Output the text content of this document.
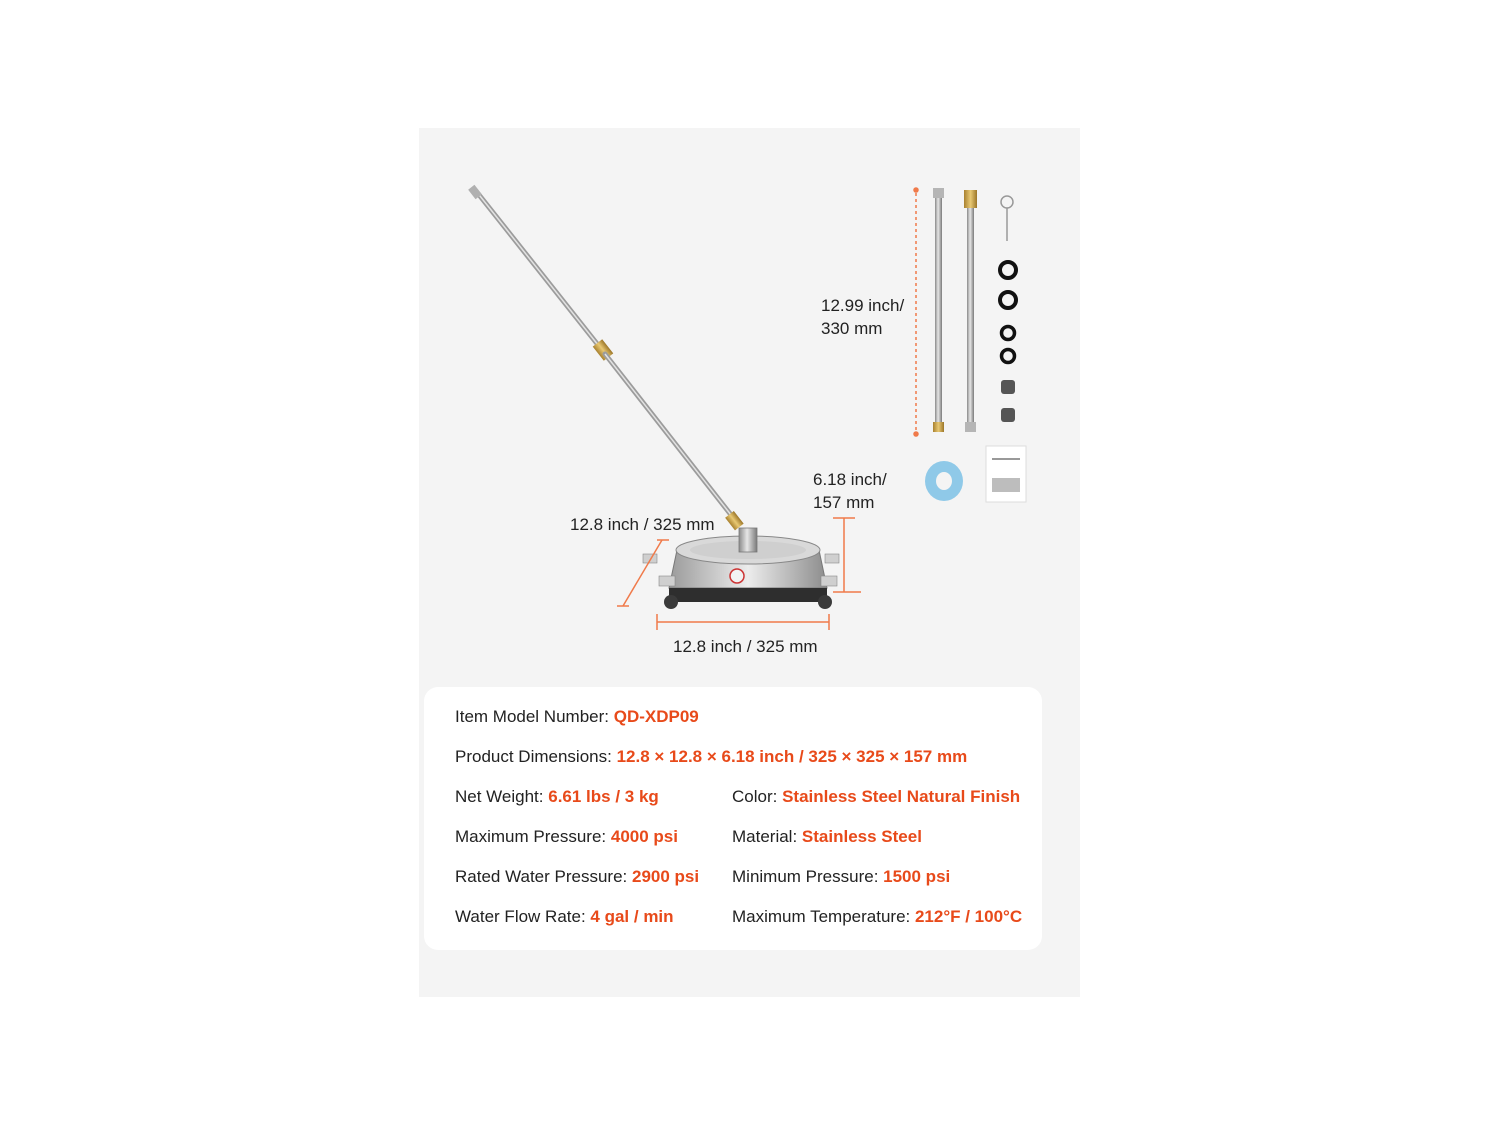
12.99 inch/
330 mm
6.18 inch/
157 mm
12.8 inch / 325 mm
12.8 inch / 325 mm
Item Model Number: QD-XDP09
Product Dimensions: 12.8 × 12.8 × 6.18 inch / 325 × 325 × 157 mm
Net Weight: 6.61 lbs / 3 kg	Color: Stainless Steel Natural Finish
Maximum Pressure: 4000 psi	Material: Stainless Steel
Rated Water Pressure: 2900 psi Minimum Pressure: 1500 psi
Water Flow Rate: 4 gal / min	Maximum Temperature: 212°F / 100°C
